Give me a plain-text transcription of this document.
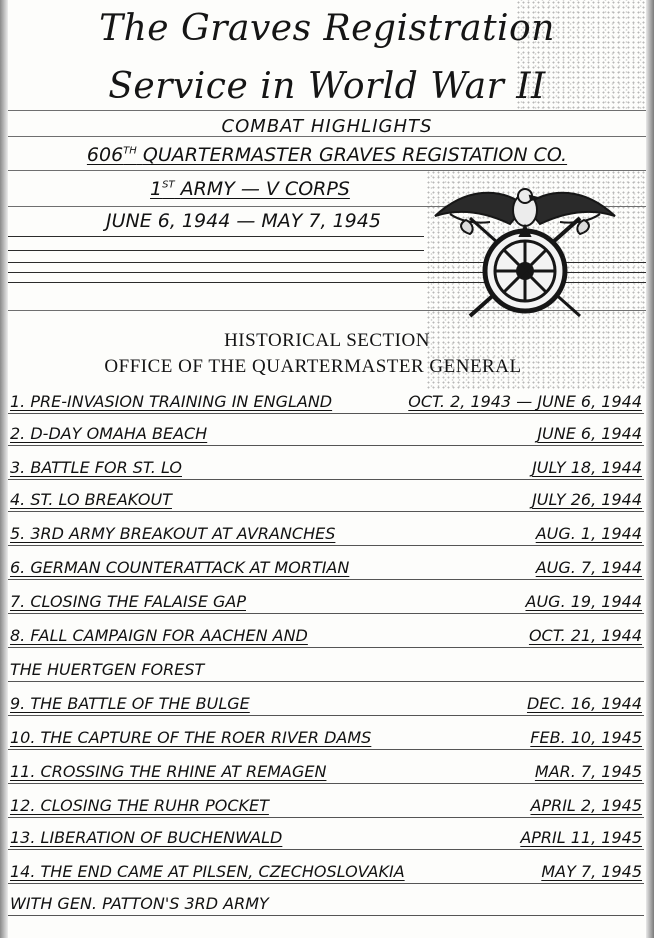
The Graves Registration
Service in World War II
COMBAT HIGHLIGHTS
606TH QUARTERMASTER GRAVES REGISTATION CO.
1ST ARMY — V CORPS
JUNE 6, 1944 — MAY 7, 1945
HISTORICAL SECTION
OFFICE OF THE QUARTERMASTER GENERAL
1. PRE-INVASION TRAINING IN ENGLAND	OCT. 2, 1943 — JUNE 6, 1944
2. D-DAY OMAHA BEACH	JUNE 6, 1944
3. BATTLE FOR ST. LO	JULY 18, 1944
4. ST. LO BREAKOUT	JULY 26, 1944
5. 3RD ARMY BREAKOUT AT AVRANCHES	AUG. 1, 1944
6. GERMAN COUNTERATTACK AT MORTIAN	AUG. 7, 1944
7. CLOSING THE FALAISE GAP	AUG. 19, 1944
8. FALL CAMPAIGN FOR AACHEN AND	OCT. 21, 1944
THE HUERTGEN FOREST
9. THE BATTLE OF THE BULGE	DEC. 16, 1944
10. THE CAPTURE OF THE ROER RIVER DAMS	FEB. 10, 1945
11. CROSSING THE RHINE AT REMAGEN	MAR. 7, 1945
12. CLOSING THE RUHR POCKET	APRIL 2, 1945
13. LIBERATION OF BUCHENWALD	APRIL 11, 1945
14. THE END CAME AT PILSEN, CZECHOSLOVAKIA	MAY 7, 1945
WITH GEN. PATTON'S 3RD ARMY
